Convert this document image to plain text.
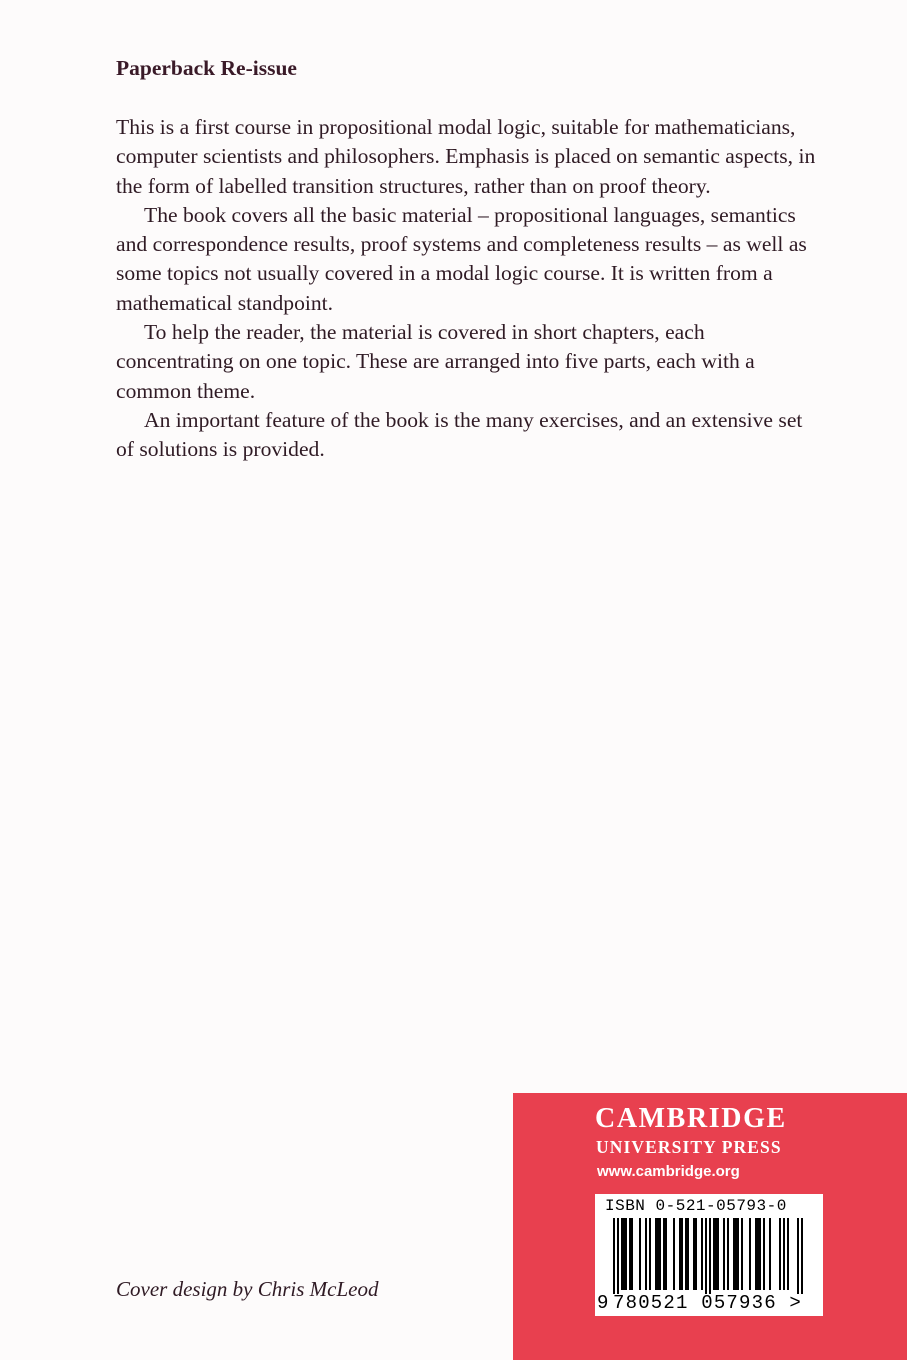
Paperback Re-issue

This is a first course in propositional modal logic, suitable for mathematicians, computer scientists and philosophers. Emphasis is placed on semantic aspects, in the form of labelled transition structures, rather than on proof theory.

The book covers all the basic material – propositional languages, semantics and correspondence results, proof systems and completeness results – as well as some topics not usually covered in a modal logic course. It is written from a mathematical standpoint.

To help the reader, the material is covered in short chapters, each concentrating on one topic. These are arranged into five parts, each with a common theme.

An important feature of the book is the many exercises, and an extensive set of solutions is provided.

Cover design by Chris McLeod
CAMBRIDGE
UNIVERSITY PRESS
www.cambridge.org
ISBN 0-521-05793-0
9 780521 057936 >
